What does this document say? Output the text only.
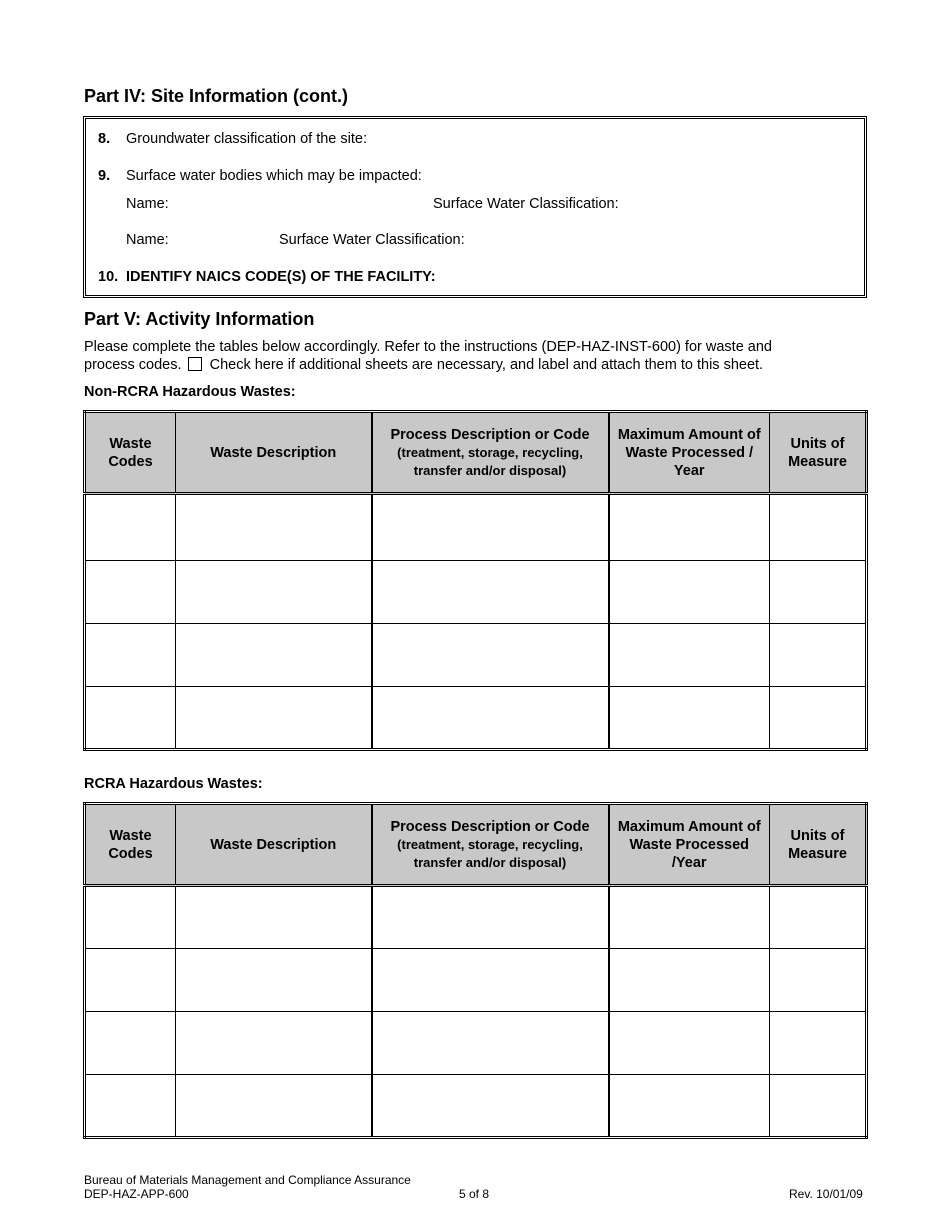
Part IV: Site Information (cont.)
8. Groundwater classification of the site:
9. Surface water bodies which may be impacted:
Name:	Surface Water Classification:
Name:	Surface Water Classification:
10. IDENTIFY NAICS CODE(S) OF THE FACILITY:
Part V: Activity Information
Please complete the tables below accordingly. Refer to the instructions (DEP-HAZ-INST-600) for waste and
process codes. Check here if additional sheets are necessary, and label and attach them to this sheet.
Non-RCRA Hazardous Wastes:
Waste Codes	Waste Description	Process Description or Code (treatment, storage, recycling, transfer and/or disposal)	Maximum Amount of Waste Processed / Year	Units of Measure

RCRA Hazardous Wastes:
Waste Codes	Waste Description	Process Description or Code (treatment, storage, recycling, transfer and/or disposal)	Maximum Amount of Waste Processed /Year	Units of Measure

Bureau of Materials Management and Compliance Assurance
DEP-HAZ-APP-600	5 of 8	Rev. 10/01/09
